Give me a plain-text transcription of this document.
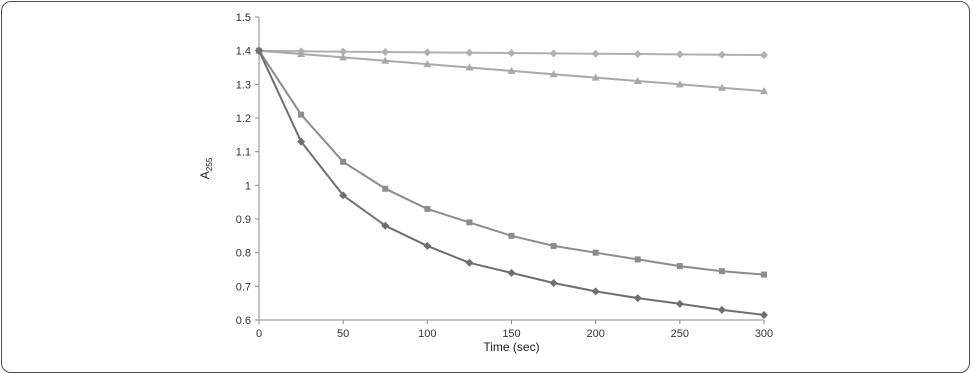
0.6
0.7
0.8
0.9
1
1.1
1.2
1.3
1.4
1.5
0	50	100	150	200	250	300
Time (sec)
$A_{255}$
